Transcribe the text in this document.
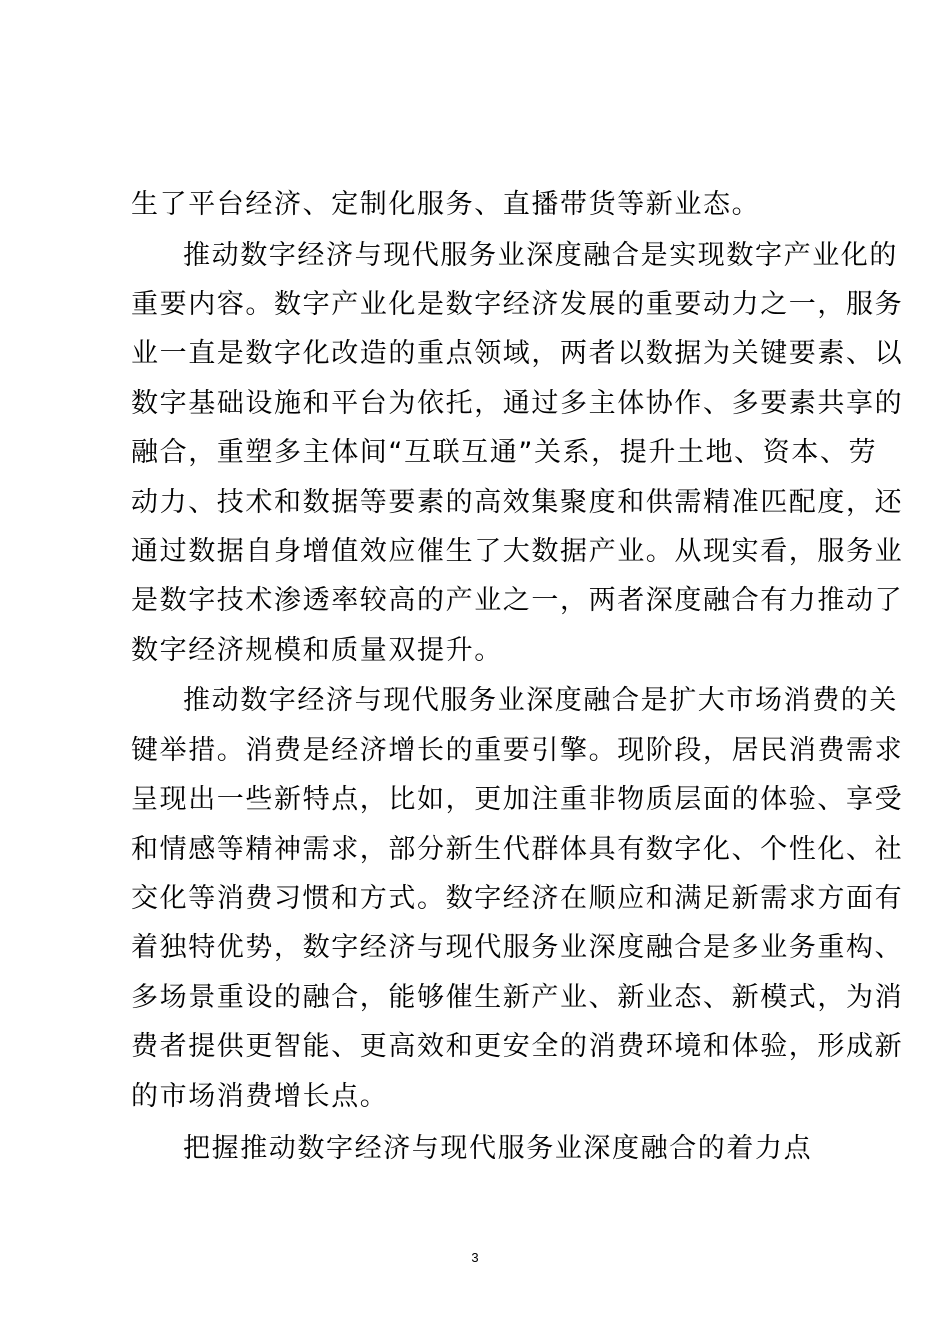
生了平台经济、定制化服务、直播带货等新业态。
推动数字经济与现代服务业深度融合是实现数字产业化的
重要内容。数字产业化是数字经济发展的重要动力之一，服务
业一直是数字化改造的重点领域，两者以数据为关键要素、以
数字基础设施和平台为依托，通过多主体协作、多要素共享的
融合，重塑多主体间“互联互通”关系，提升土地、资本、劳
动力、技术和数据等要素的高效集聚度和供需精准匹配度，还
通过数据自身增值效应催生了大数据产业。从现实看，服务业
是数字技术渗透率较高的产业之一，两者深度融合有力推动了
数字经济规模和质量双提升。
推动数字经济与现代服务业深度融合是扩大市场消费的关
键举措。消费是经济增长的重要引擎。现阶段，居民消费需求
呈现出一些新特点，比如，更加注重非物质层面的体验、享受
和情感等精神需求，部分新生代群体具有数字化、个性化、社
交化等消费习惯和方式。数字经济在顺应和满足新需求方面有
着独特优势，数字经济与现代服务业深度融合是多业务重构、
多场景重设的融合，能够催生新产业、新业态、新模式，为消
费者提供更智能、更高效和更安全的消费环境和体验，形成新
的市场消费增长点。
把握推动数字经济与现代服务业深度融合的着力点
3
